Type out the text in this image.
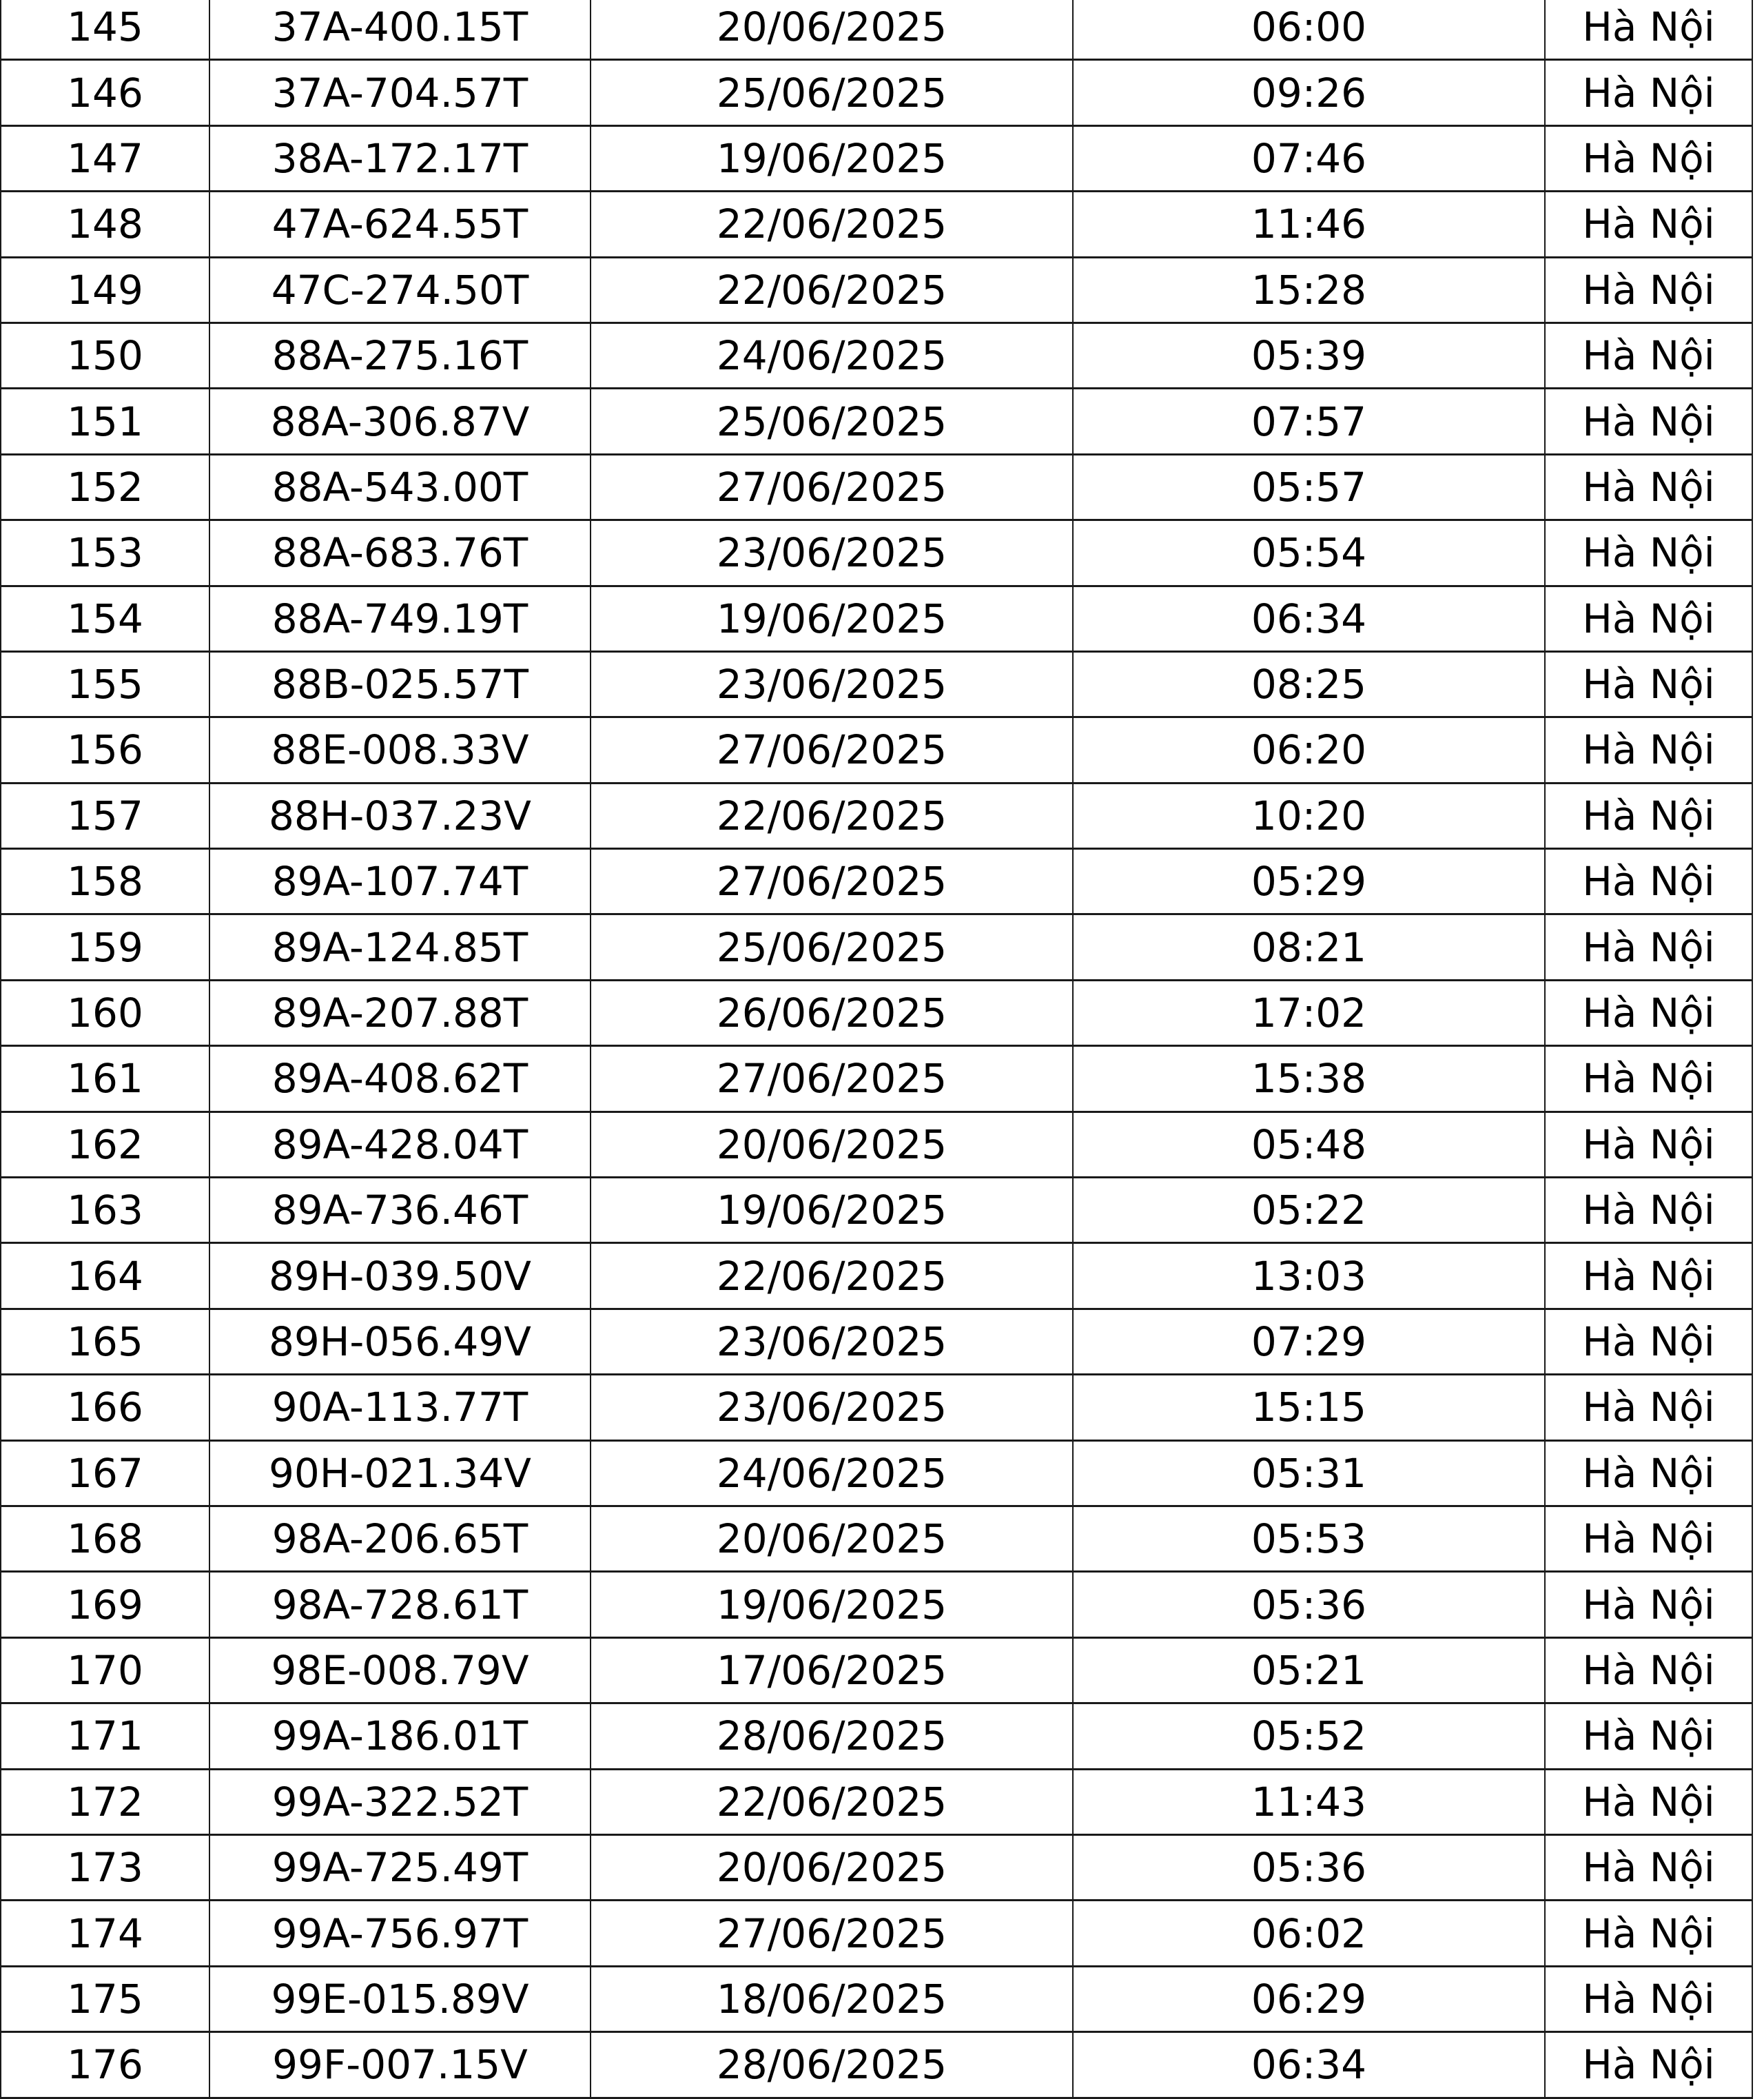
145	37A-400.15T	20/06/2025	06:00	Hà Nội
146	37A-704.57T	25/06/2025	09:26	Hà Nội
147	38A-172.17T	19/06/2025	07:46	Hà Nội
148	47A-624.55T	22/06/2025	11:46	Hà Nội
149	47C-274.50T	22/06/2025	15:28	Hà Nội
150	88A-275.16T	24/06/2025	05:39	Hà Nội
151	88A-306.87V	25/06/2025	07:57	Hà Nội
152	88A-543.00T	27/06/2025	05:57	Hà Nội
153	88A-683.76T	23/06/2025	05:54	Hà Nội
154	88A-749.19T	19/06/2025	06:34	Hà Nội
155	88B-025.57T	23/06/2025	08:25	Hà Nội
156	88E-008.33V	27/06/2025	06:20	Hà Nội
157	88H-037.23V	22/06/2025	10:20	Hà Nội
158	89A-107.74T	27/06/2025	05:29	Hà Nội
159	89A-124.85T	25/06/2025	08:21	Hà Nội
160	89A-207.88T	26/06/2025	17:02	Hà Nội
161	89A-408.62T	27/06/2025	15:38	Hà Nội
162	89A-428.04T	20/06/2025	05:48	Hà Nội
163	89A-736.46T	19/06/2025	05:22	Hà Nội
164	89H-039.50V	22/06/2025	13:03	Hà Nội
165	89H-056.49V	23/06/2025	07:29	Hà Nội
166	90A-113.77T	23/06/2025	15:15	Hà Nội
167	90H-021.34V	24/06/2025	05:31	Hà Nội
168	98A-206.65T	20/06/2025	05:53	Hà Nội
169	98A-728.61T	19/06/2025	05:36	Hà Nội
170	98E-008.79V	17/06/2025	05:21	Hà Nội
171	99A-186.01T	28/06/2025	05:52	Hà Nội
172	99A-322.52T	22/06/2025	11:43	Hà Nội
173	99A-725.49T	20/06/2025	05:36	Hà Nội
174	99A-756.97T	27/06/2025	06:02	Hà Nội
175	99E-015.89V	18/06/2025	06:29	Hà Nội
176	99F-007.15V	28/06/2025	06:34	Hà Nội
